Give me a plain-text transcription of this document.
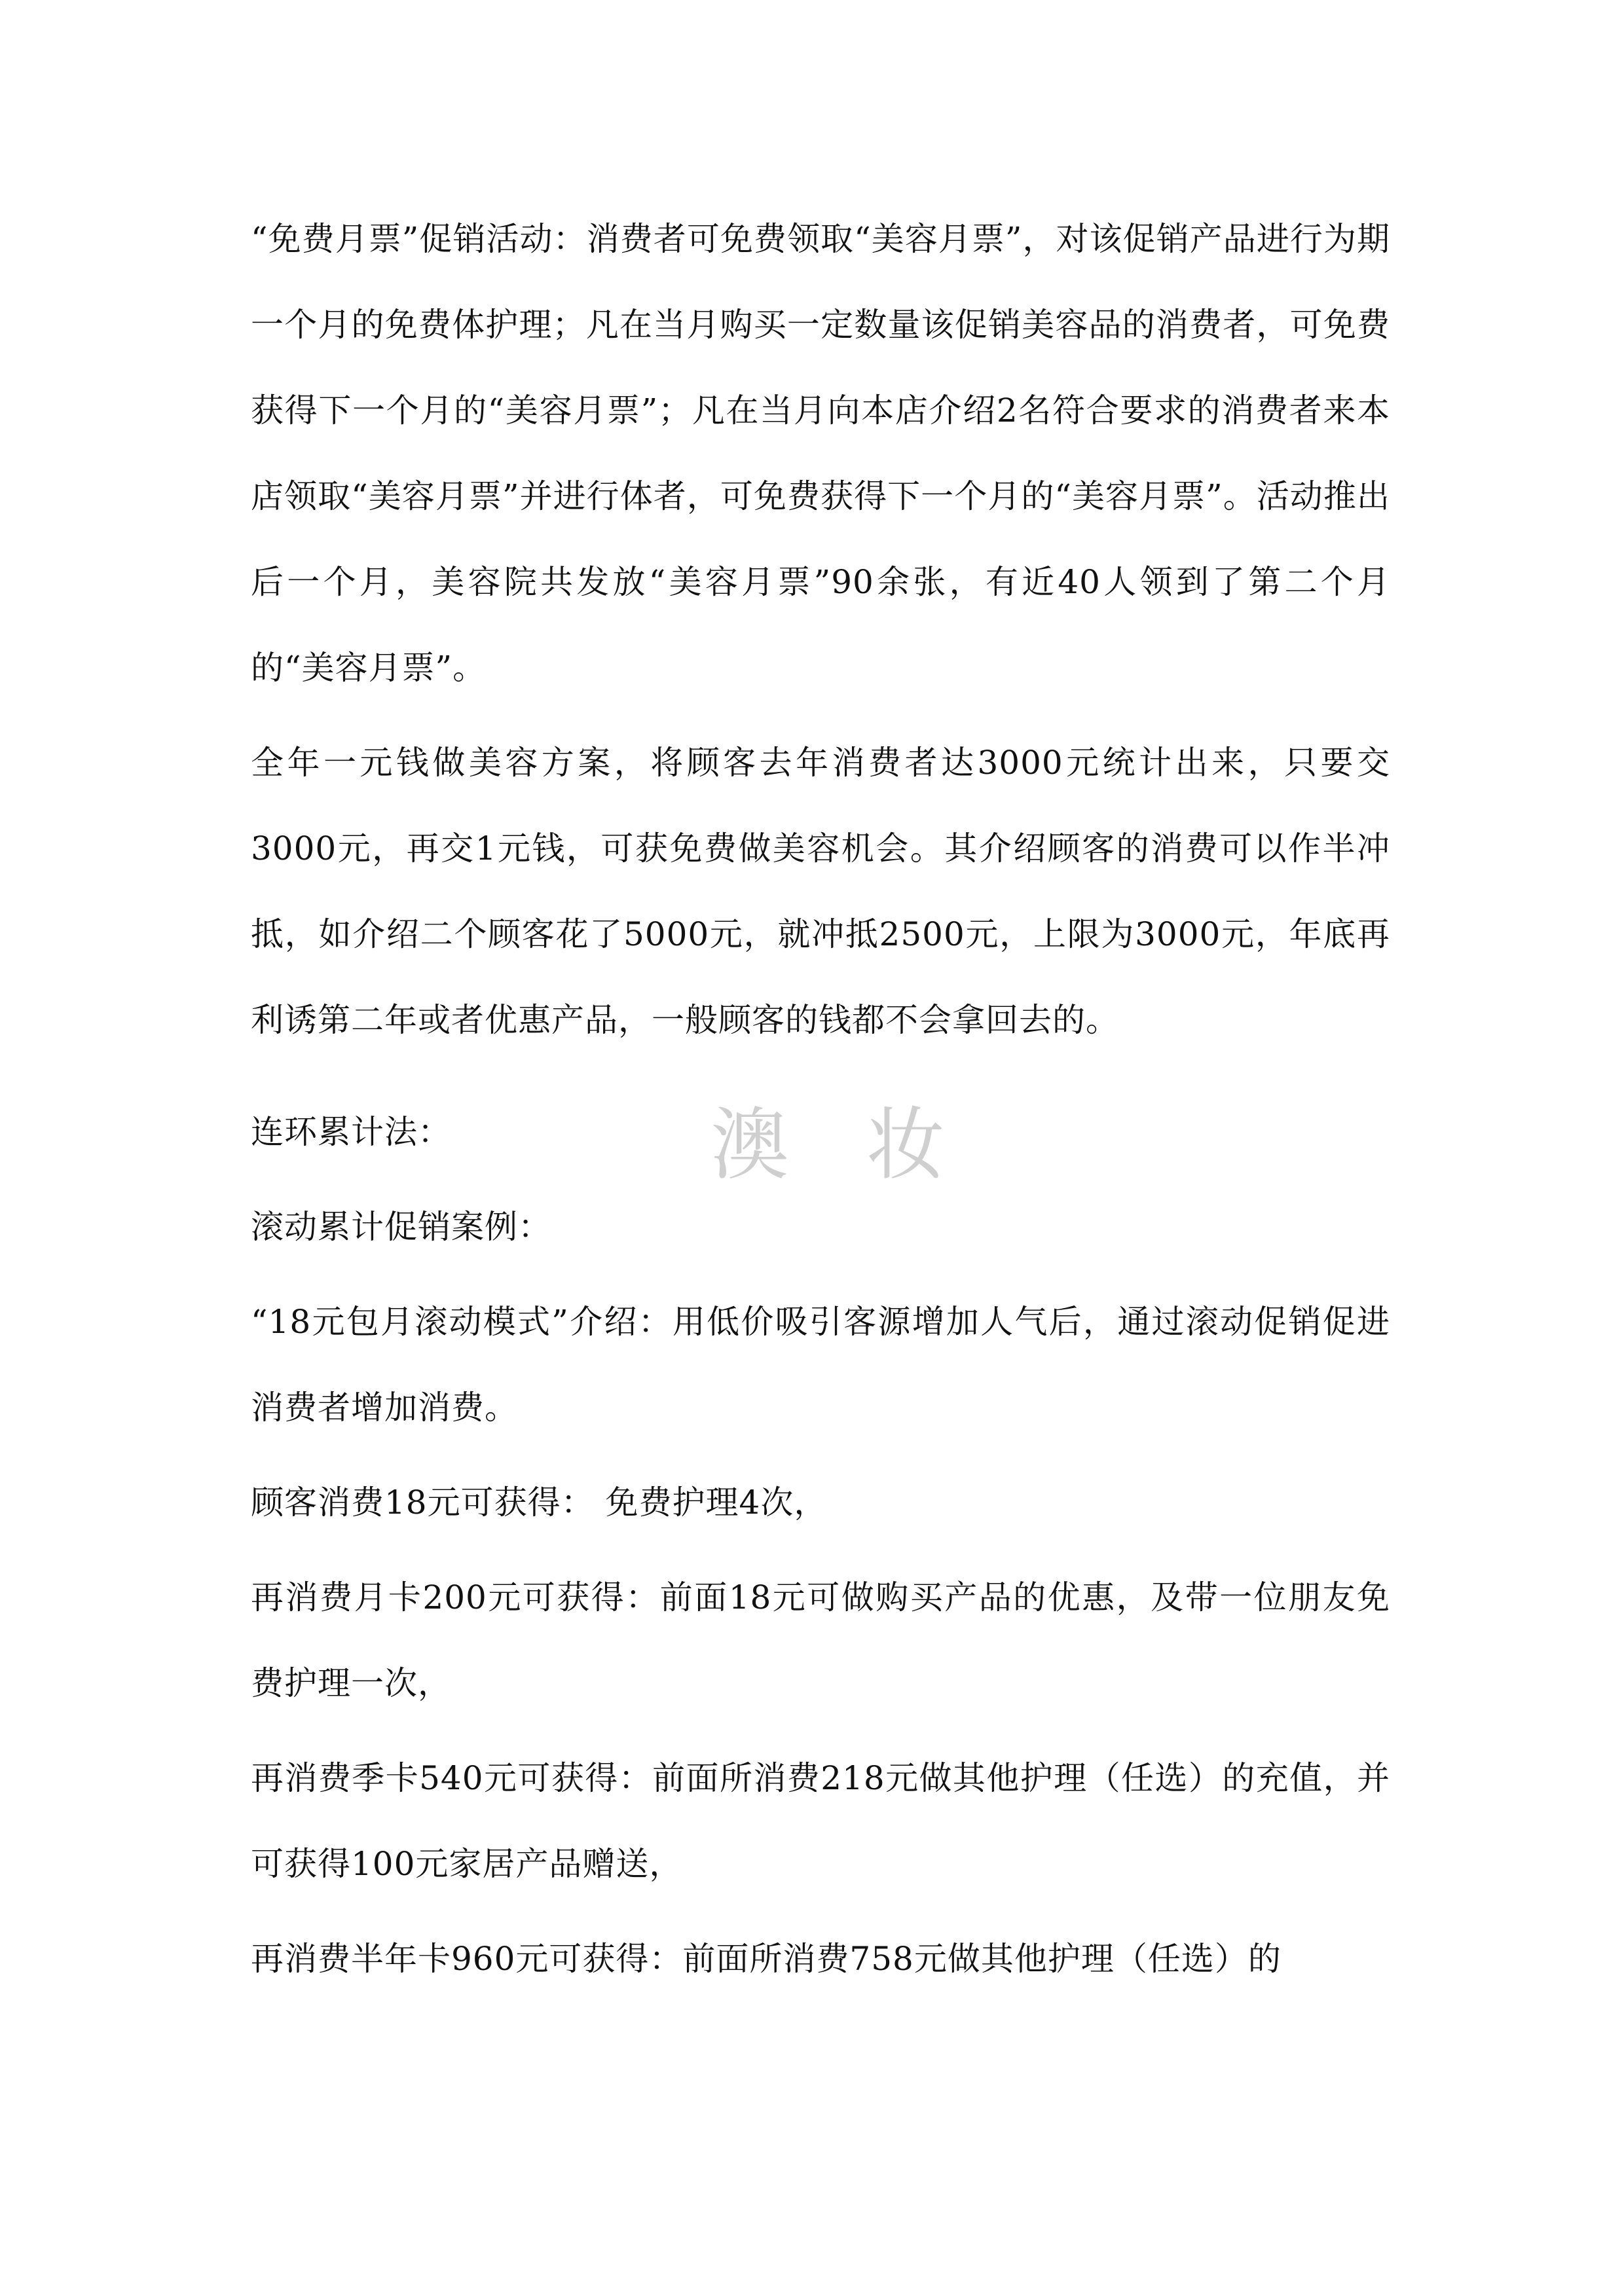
“免费月票”促销活动：消费者可免费领取“美容月票”，对该促销产品进行为期一个月的免费体护理；凡在当月购买一定数量该促销美容品的消费者，可免费获得下一个月的“美容月票”；凡在当月向本店介绍2名符合要求的消费者来本店领取“美容月票”并进行体者，可免费获得下一个月的“美容月票”。活动推出后一个月，美容院共发放“美容月票”90余张，有近40人领到了第二个月的“美容月票”。

全年一元钱做美容方案，将顾客去年消费者达3000元统计出来，只要交3000元，再交1元钱，可获免费做美容机会。其介绍顾客的消费可以作半冲抵，如介绍二个顾客花了5000元，就冲抵2500元，上限为3000元，年底再利诱第二年或者优惠产品，一般顾客的钱都不会拿回去的。

连环累计法：

滚动累计促销案例：

“18元包月滚动模式”介绍：用低价吸引客源增加人气后，通过滚动促销促进消费者增加消费。

顾客消费18元可获得： 免费护理4次，

再消费月卡200元可获得：前面18元可做购买产品的优惠，及带一位朋友免费护理一次，

再消费季卡540元可获得：前面所消费218元做其他护理（任选）的充值，并可获得100元家居产品赠送，

再消费半年卡960元可获得：前面所消费758元做其他护理（任选）的

澳 妆
